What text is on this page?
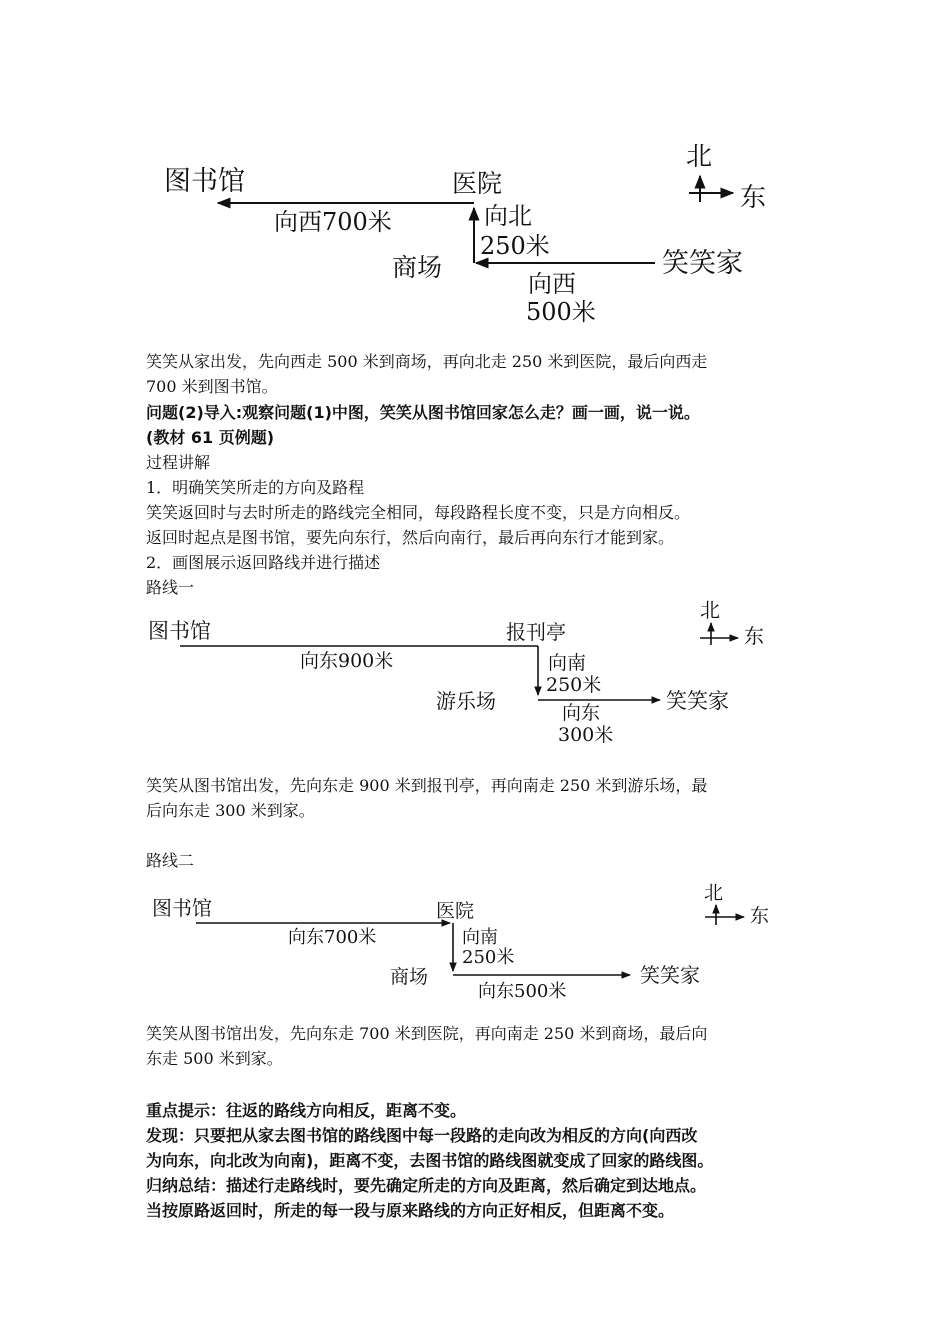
图书馆	医院
商场	笑笑家
向西700米	向北
250米
向西
500米
北
东
笑笑从家出发，先向西走 500 米到商场，再向北走 250 米到医院，最后向西走
700 米到图书馆。
问题(2)导入:观察问题(1)中图，笑笑从图书馆回家怎么走？画一画，说一说。
(教材 61 页例题)
过程讲解
1．明确笑笑所走的方向及路程
笑笑返回时与去时所走的路线完全相同，每段路程长度不变，只是方向相反。
返回时起点是图书馆，要先向东行，然后向南行，最后再向东行才能到家。
2．画图展示返回路线并进行描述
路线一
图书馆	报刊亭
游乐场	笑笑家
向东900米	向南
250米
向东
300米
北
东
笑笑从图书馆出发，先向东走 900 米到报刊亭，再向南走 250 米到游乐场，最
后向东走 300 米到家。
路线二
图书馆	医院
商场	笑笑家
向东700米	向南
250米
向东500米
北
东
笑笑从图书馆出发，先向东走 700 米到医院，再向南走 250 米到商场，最后向
东走 500 米到家。
重点提示：往返的路线方向相反，距离不变。
发现：只要把从家去图书馆的路线图中每一段路的走向改为相反的方向(向西改
为向东，向北改为向南)，距离不变，去图书馆的路线图就变成了回家的路线图。
归纳总结：描述行走路线时，要先确定所走的方向及距离，然后确定到达地点。
当按原路返回时，所走的每一段与原来路线的方向正好相反，但距离不变。
